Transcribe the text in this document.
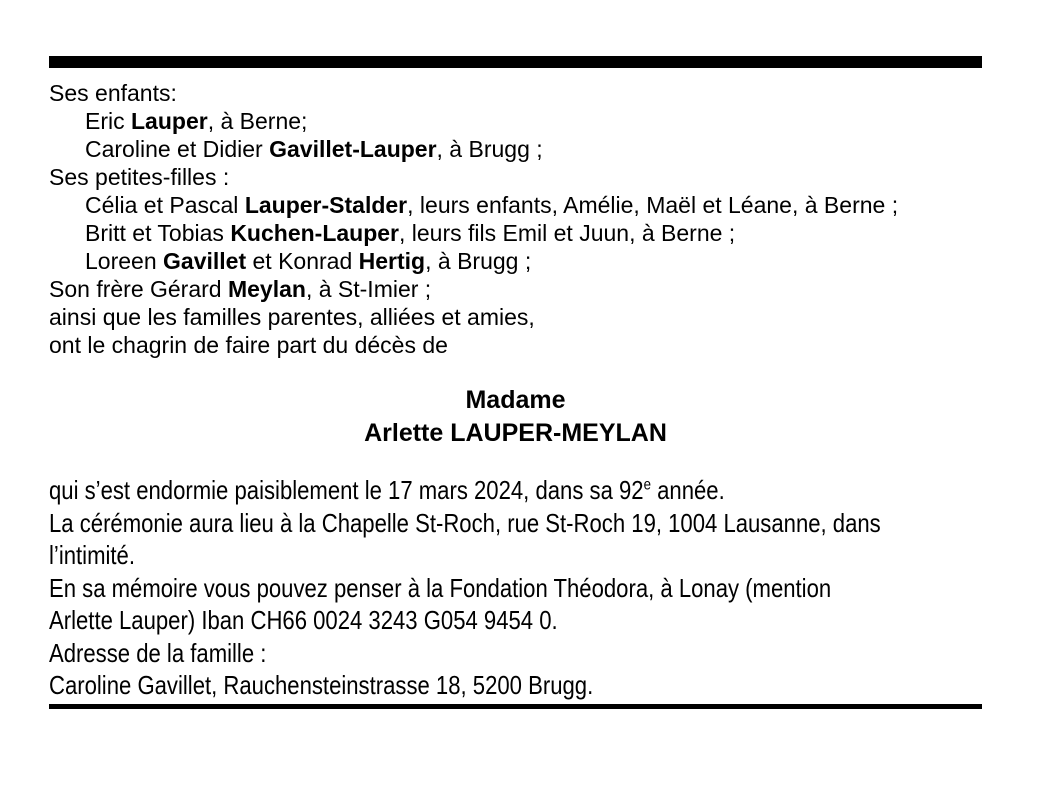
Ses enfants:
Eric Lauper, à Berne;
Caroline et Didier Gavillet-Lauper, à Brugg ;
Ses petites-filles :
Célia et Pascal Lauper-Stalder, leurs enfants, Amélie, Maël et Léane, à Berne ;
Britt et Tobias Kuchen-Lauper, leurs fils Emil et Juun, à Berne ;
Loreen Gavillet et Konrad Hertig, à Brugg ;
Son frère Gérard Meylan, à St-Imier ;
ainsi que les familles parentes, alliées et amies,
ont le chagrin de faire part du décès de
Madame
Arlette LAUPER-MEYLAN
qui s’est endormie paisiblement le 17 mars 2024, dans sa 92e année.
La cérémonie aura lieu à la Chapelle St-Roch, rue St-Roch 19, 1004 Lausanne, dans
l’intimité.
En sa mémoire vous pouvez penser à la Fondation Théodora, à Lonay (mention
Arlette Lauper) Iban CH66 0024 3243 G054 9454 0.
Adresse de la famille :
Caroline Gavillet, Rauchensteinstrasse 18, 5200 Brugg.
